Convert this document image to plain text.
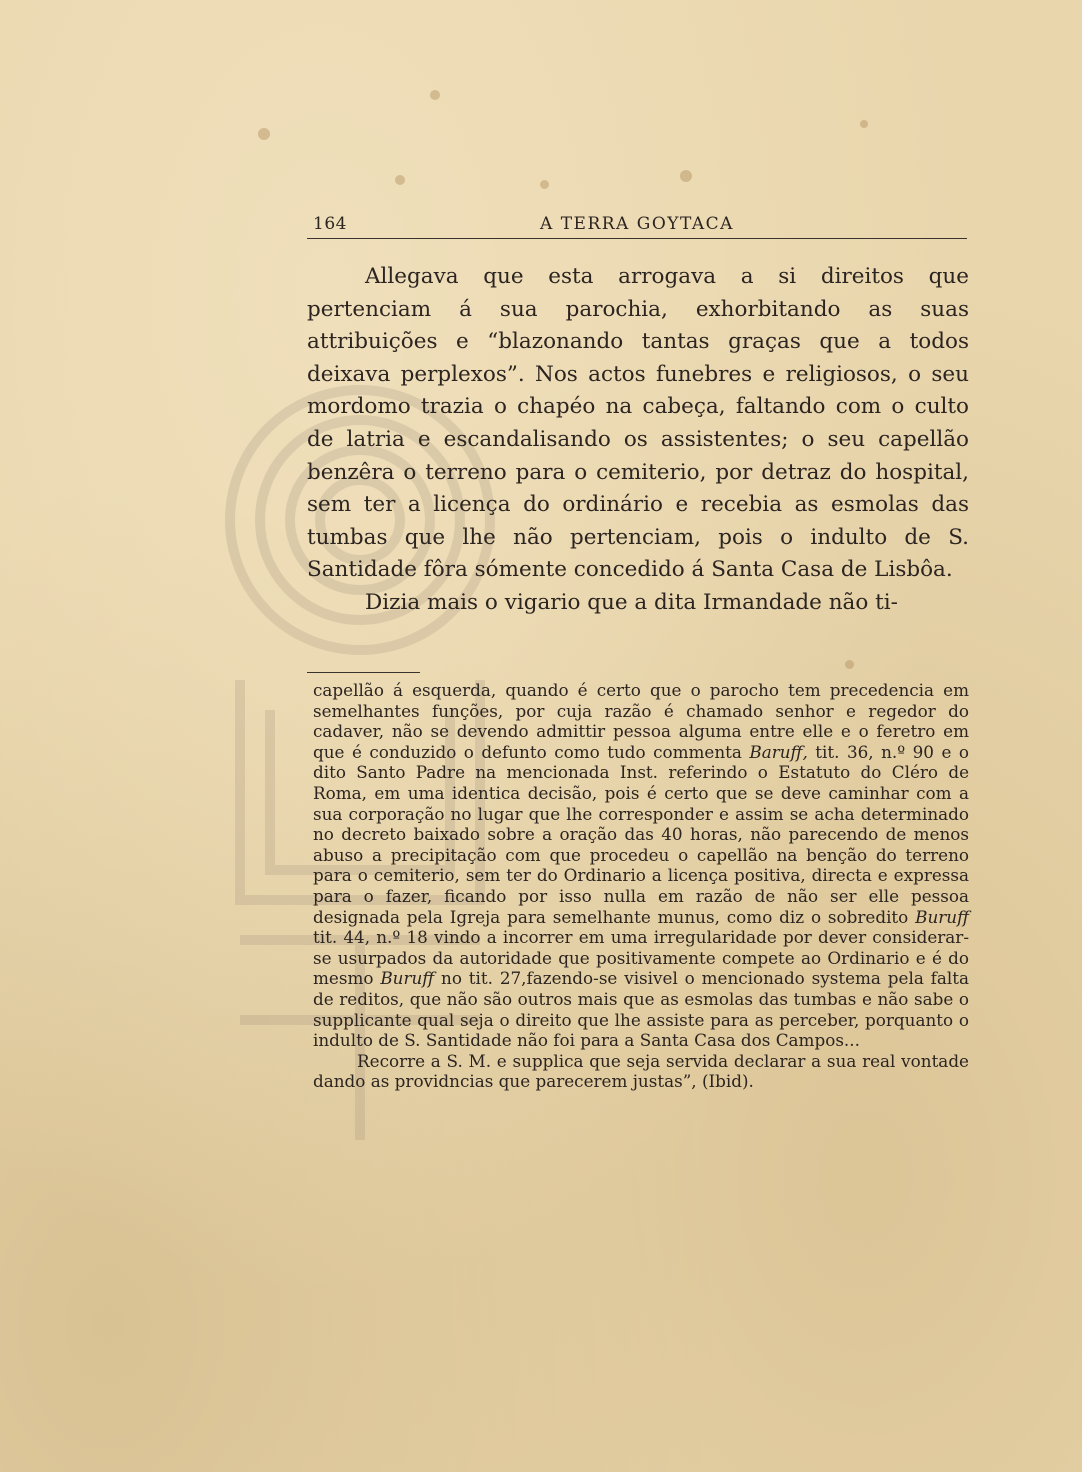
164	A TERRA GOYTACA

Allegava que esta arrogava a si direitos que pertenciam á sua parochia, exhorbitando as suas attribuições e “blazonando tantas graças que a todos deixava perplexos”. Nos actos funebres e religiosos, o seu mordomo trazia o chapéo na cabeça, faltando com o culto de latria e escandalisando os assistentes; o seu capellão benzêra o terreno para o cemiterio, por detraz do hospital, sem ter a licença do ordinário e recebia as esmolas das tumbas que lhe não pertenciam, pois o indulto de S. Santidade fôra sómente concedido á Santa Casa de Lisbôa.

Dizia mais o vigario que a dita Irmandade não ti-

capellão á esquerda, quando é certo que o parocho tem precedencia em semelhantes funções, por cuja razão é chamado senhor e regedor do cadaver, não se devendo admittir pessoa alguma entre elle e o feretro em que é conduzido o defunto como tudo commenta Baruff, tit. 36, n.º 90 e o dito Santo Padre na mencionada Inst. referindo o Estatuto do Cléro de Roma, em uma identica decisão, pois é certo que se deve caminhar com a sua corporação no lugar que lhe corresponder e assim se acha determinado no decreto baixado sobre a oração das 40 horas, não parecendo de menos abuso a precipitação com que procedeu o capellão na benção do terreno para o cemiterio, sem ter do Ordinario a licença positiva, directa e expressa para o fazer, ficando por isso nulla em razão de não ser elle pessoa designada pela Igreja para semelhante munus, como diz o sobredito Buruff tit. 44, n.º 18 vindo a incorrer em uma irregularidade por dever considerar-se usurpados da autoridade que positivamente compete ao Ordinario e é do mesmo Buruff no tit. 27,fazendo-se visivel o mencionado systema pela falta de reditos, que não são outros mais que as esmolas das tumbas e não sabe o supplicante qual seja o direito que lhe assiste para as perceber, porquanto o indulto de S. Santidade não foi para a Santa Casa dos Campos...

Recorre a S. M. e supplica que seja servida declarar a sua real vontade dando as providncias que parecerem justas”, (Ibid).
